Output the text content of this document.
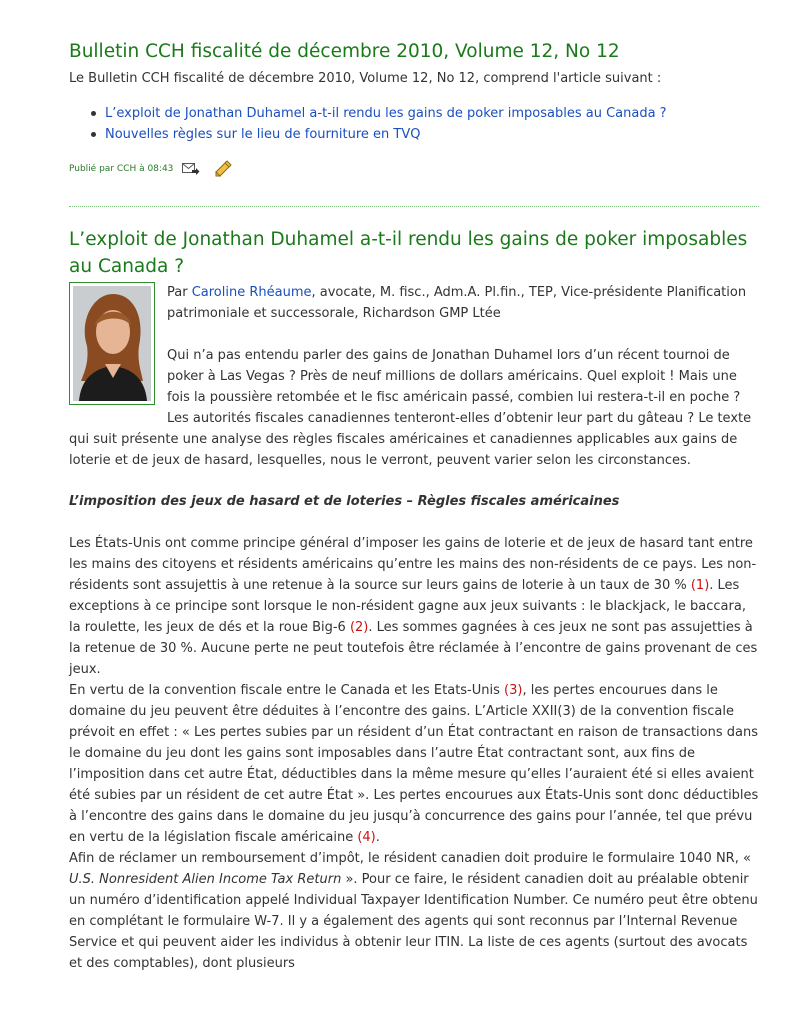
Bulletin CCH fiscalité de décembre 2010, Volume 12, No 12
Le Bulletin CCH fiscalité de décembre 2010, Volume 12, No 12, comprend l'article suivant :
L’exploit de Jonathan Duhamel a-t-il rendu les gains de poker imposables au Canada ?
Nouvelles règles sur le lieu de fourniture en TVQ
Publié par CCH à 08:43
L’exploit de Jonathan Duhamel a-t-il rendu les gains de poker imposables au Canada ?
Par Caroline Rhéaume, avocate, M. fisc., Adm.A. Pl.fin., TEP, Vice-présidente Planification patrimoniale et successorale, Richardson GMP Ltée
Qui n’a pas entendu parler des gains de Jonathan Duhamel lors d’un récent tournoi de poker à Las Vegas ? Près de neuf millions de dollars américains. Quel exploit ! Mais une fois la poussière retombée et le fisc américain passé, combien lui restera-t-il en poche ? Les autorités fiscales canadiennes tenteront-elles d’obtenir leur part du gâteau ? Le texte qui suit présente une analyse des règles fiscales américaines et canadiennes applicables aux gains de loterie et de jeux de hasard, lesquelles, nous le verront, peuvent varier selon les circonstances.
L’imposition des jeux de hasard et de loteries – Règles fiscales américaines

Les États-Unis ont comme principe général d’imposer les gains de loterie et de jeux de hasard tant entre les mains des citoyens et résidents américains qu’entre les mains des non-résidents de ce pays. Les non-résidents sont assujettis à une retenue à la source sur leurs gains de loterie à un taux de 30 % (1). Les exceptions à ce principe sont lorsque le non-résident gagne aux jeux suivants : le blackjack, le baccara, la roulette, les jeux de dés et la roue Big-6 (2). Les sommes gagnées à ces jeux ne sont pas assujetties à la retenue de 30 %. Aucune perte ne peut toutefois être réclamée à l’encontre de gains provenant de ces jeux.

En vertu de la convention fiscale entre le Canada et les Etats-Unis (3), les pertes encourues dans le domaine du jeu peuvent être déduites à l’encontre des gains. L’Article XXII(3) de la convention fiscale prévoit en effet : « Les pertes subies par un résident d’un État contractant en raison de transactions dans le domaine du jeu dont les gains sont imposables dans l’autre État contractant sont, aux fins de l’imposition dans cet autre État, déductibles dans la même mesure qu’elles l’auraient été si elles avaient été subies par un résident de cet autre État ». Les pertes encourues aux États-Unis sont donc déductibles à l’encontre des gains dans le domaine du jeu jusqu’à concurrence des gains pour l’année, tel que prévu en vertu de la législation fiscale américaine (4).

Afin de réclamer un remboursement d’impôt, le résident canadien doit produire le formulaire 1040 NR, « U.S. Nonresident Alien Income Tax Return ». Pour ce faire, le résident canadien doit au préalable obtenir un numéro d’identification appelé Individual Taxpayer Identification Number. Ce numéro peut être obtenu en complétant le formulaire W-7. Il y a également des agents qui sont reconnus par l’Internal Revenue Service et qui peuvent aider les individus à obtenir leur ITIN. La liste de ces agents (surtout des avocats et des comptables), dont plusieurs
